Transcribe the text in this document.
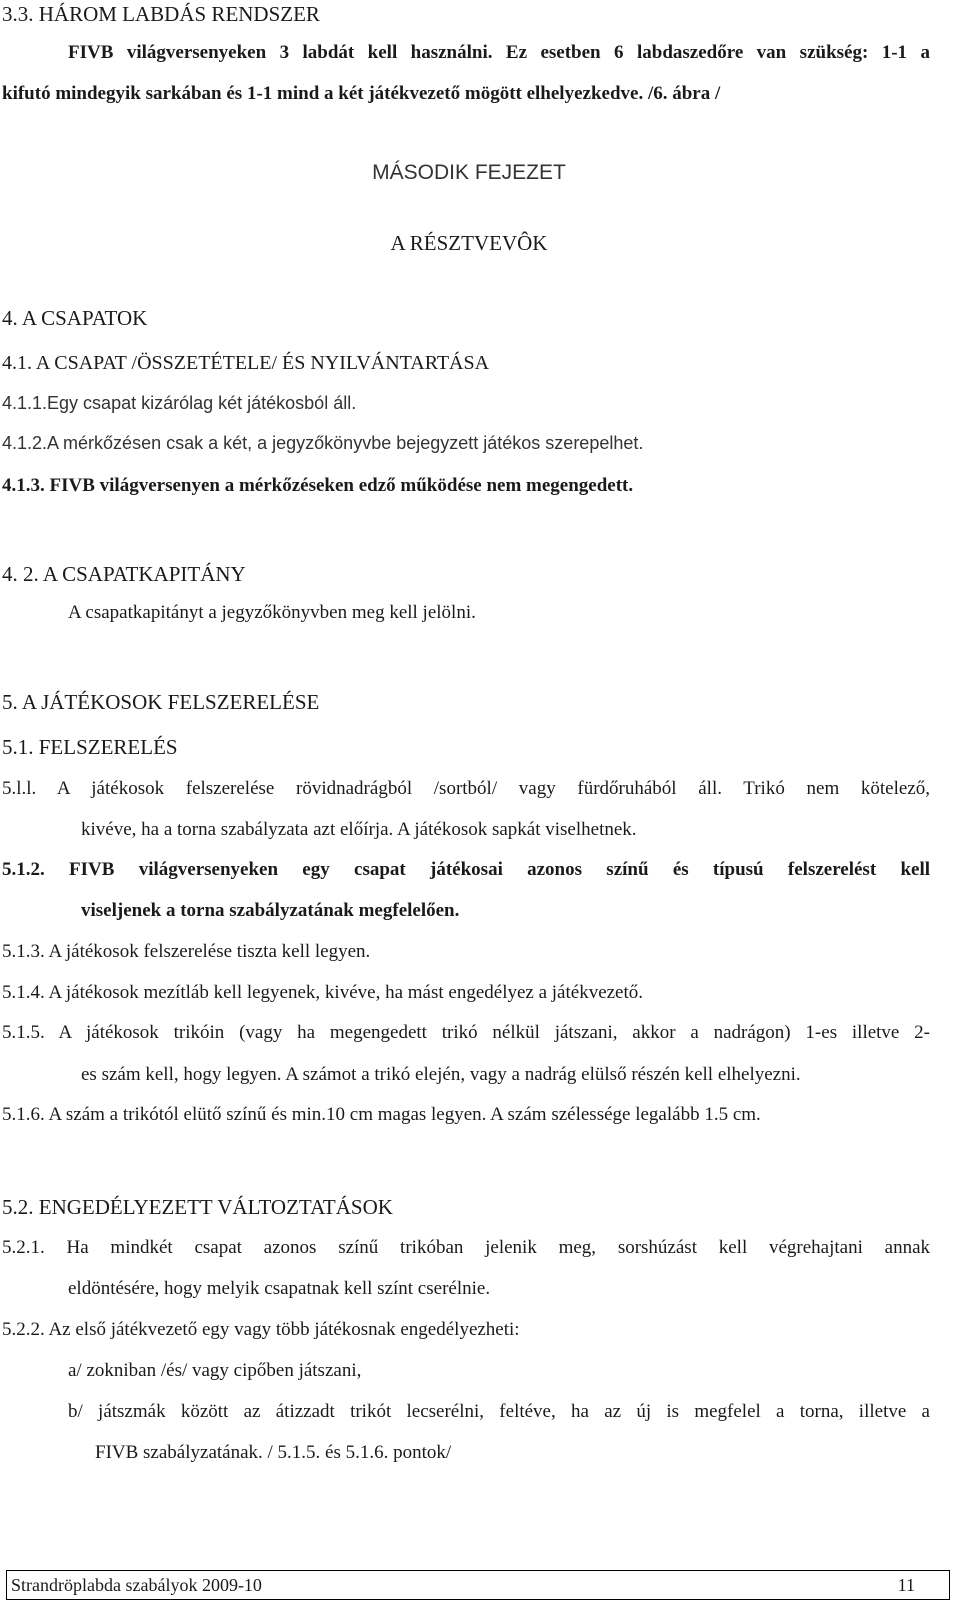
3.3. HÁROM LABDÁS RENDSZER
FIVB világversenyeken 3 labdát kell használni. Ez esetben 6 labdaszedőre van szükség: 1-1 a
kifutó mindegyik sarkában és 1-1 mind a két játékvezető mögött elhelyezkedve. /6. ábra /
MÁSODIK FEJEZET
A RÉSZTVEVÔK
4. A CSAPATOK
4.1. A CSAPAT /ÖSSZETÉTELE/ ÉS NYILVÁNTARTÁSA
4.1.1.Egy csapat kizárólag két játékosból áll.
4.1.2.A mérkőzésen csak a két, a jegyzőkönyvbe bejegyzett játékos szerepelhet.
4.1.3. FIVB világversenyen a mérkőzéseken edző működése nem megengedett.
4. 2. A CSAPATKAPITÁNY
A csapatkapitányt a jegyzőkönyvben meg kell jelölni.
5. A JÁTÉKOSOK FELSZERELÉSE
5.1. FELSZERELÉS
5.l.l. A játékosok felszerelése rövidnadrágból /sortból/ vagy fürdőruhából áll. Trikó nem kötelező,
kivéve, ha a torna szabályzata azt előírja. A játékosok sapkát viselhetnek.
5.1.2. FIVB világversenyeken egy csapat játékosai azonos színű és típusú felszerelést kell
viseljenek a torna szabályzatának megfelelően.
5.1.3. A játékosok felszerelése tiszta kell legyen.
5.1.4. A játékosok mezítláb kell legyenek, kivéve, ha mást engedélyez a játékvezető.
5.1.5. A játékosok trikóin (vagy ha megengedett trikó nélkül játszani, akkor a nadrágon) 1-es illetve 2-
es szám kell, hogy legyen. A számot a trikó elején, vagy a nadrág elülső részén kell elhelyezni.
5.1.6. A szám a trikótól elütő színű és min.10 cm magas legyen. A szám szélessége legalább 1.5 cm.
5.2. ENGEDÉLYEZETT VÁLTOZTATÁSOK
5.2.1. Ha mindkét csapat azonos színű trikóban jelenik meg, sorshúzást kell végrehajtani annak
eldöntésére, hogy melyik csapatnak kell színt cserélnie.
5.2.2. Az első játékvezető egy vagy több játékosnak engedélyezheti:
a/ zokniban /és/ vagy cipőben játszani,
b/ játszmák között az átizzadt trikót lecserélni, feltéve, ha az új is megfelel a torna, illetve a
FIVB szabályzatának. / 5.1.5. és 5.1.6. pontok/
Strandröplabda szabályok 2009-10	11
